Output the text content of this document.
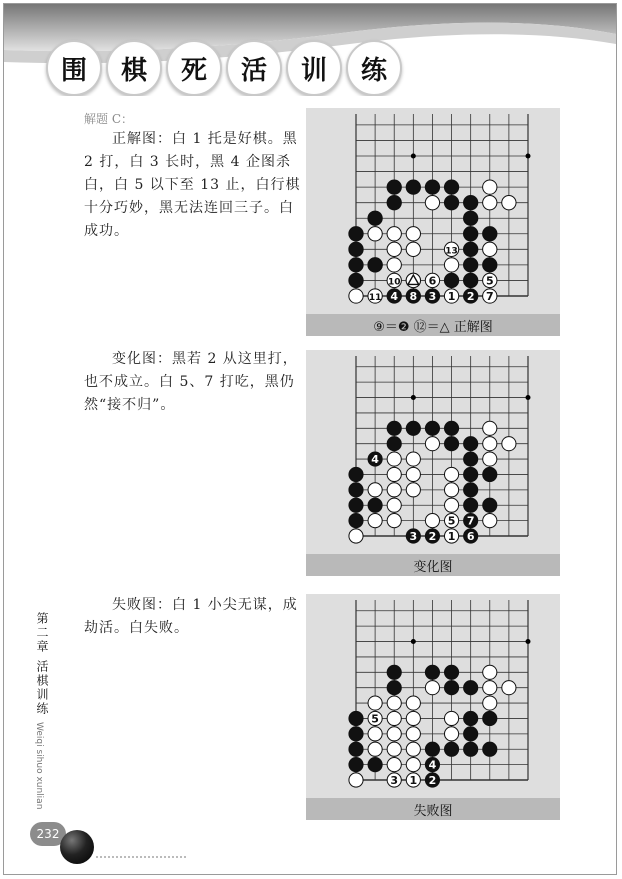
围	棋	死	活	训	练
解题 C：

正解图：白 1 托是好棋。黑 2 打，白 3 长时，黑 4 企图杀白，白 5 以下至 13 止，白行棋十分巧妙，黑无法连回三子。白成功。

变化图：黑若 2 从这里打，也不成立。白 5、7 打吃，黑仍然“接不归”。

失败图：白 1 小尖无谋，成劫活。白失败。

13
10	6
11	1	7
8 3	2
5
4
⑨＝❷ ⑫＝△ 正解图
5
1
4
7
3 2	6
变化图
3 1 2
5
4
失败图
第二章 活棋训练
Weiqi sihuo xunlian
232
